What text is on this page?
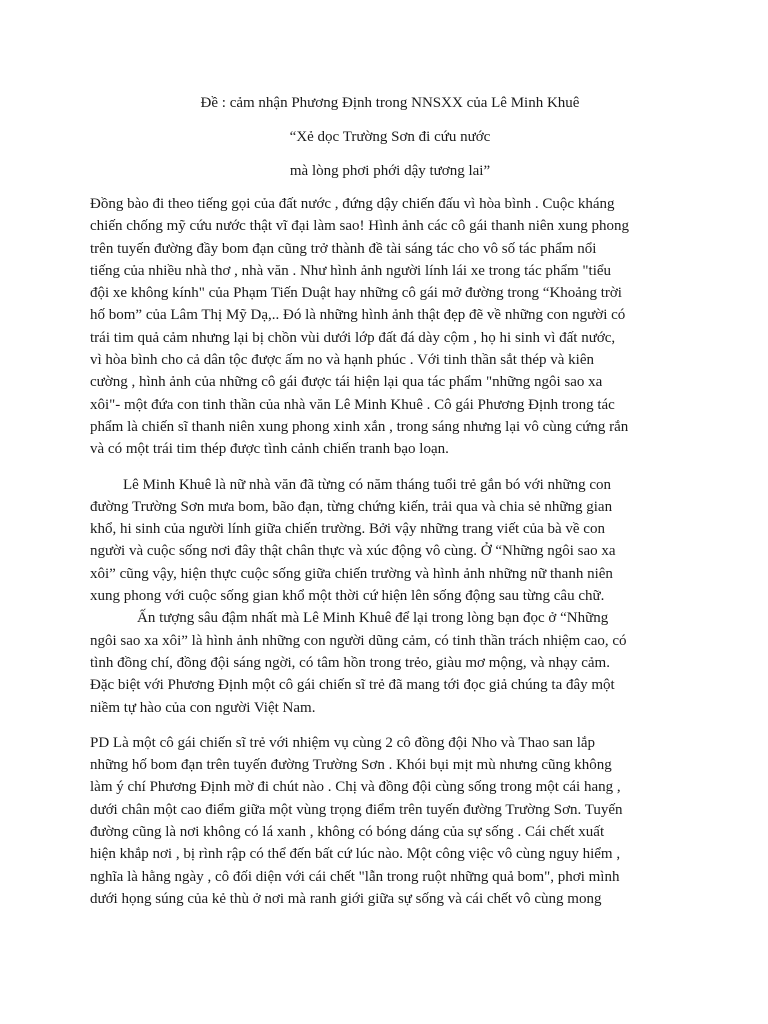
Đề : cảm nhận Phương Định trong NNSXX của Lê Minh Khuê

“Xẻ dọc Trường Sơn đi cứu nước

mà lòng phơi phới dậy tương lai”

Đồng bào đi theo tiếng gọi của đất nước , đứng dậy chiến đấu vì hòa bình . Cuộc kháng
chiến chống mỹ cứu nước thật vĩ đại làm sao! Hình ảnh các cô gái thanh niên xung phong
trên tuyến đường đầy bom đạn cũng trở thành đề tài sáng tác cho vô số tác phẩm nổi
tiếng của nhiều nhà thơ , nhà văn . Như hình ảnh người lính lái xe trong tác phẩm "tiểu
đội xe không kính" của Phạm Tiến Duật hay những cô gái mở đường trong “Khoảng trời
hố bom” của Lâm Thị Mỹ Dạ,.. Đó là những hình ảnh thật đẹp đẽ về những con người có
trái tim quả cảm nhưng lại bị chồn vùi dưới lớp đất đá dày cộm , họ hi sinh vì đất nước,
vì hòa bình cho cả dân tộc được ấm no và hạnh phúc . Với tinh thần sắt thép và kiên
cường , hình ảnh của những cô gái được tái hiện lại qua tác phẩm "những ngôi sao xa
xôi"- một đứa con tinh thần của nhà văn Lê Minh Khuê . Cô gái Phương Định trong tác
phẩm là chiến sĩ thanh niên xung phong xinh xắn , trong sáng nhưng lại vô cùng cứng rắn
và có một trái tim thép được tình cảnh chiến tranh bạo loạn.

Lê Minh Khuê là nữ nhà văn đã từng có năm tháng tuổi trẻ gắn bó với những con
đường Trường Sơn mưa bom, bão đạn, từng chứng kiến, trải qua và chia sẻ những gian
khổ, hi sinh của người lính giữa chiến trường. Bởi vậy những trang viết của bà về con
người và cuộc sống nơi đây thật chân thực và xúc động vô cùng. Ở “Những ngôi sao xa
xôi” cũng vậy, hiện thực cuộc sống giữa chiến trường và hình ảnh những nữ thanh niên
xung phong với cuộc sống gian khổ một thời cứ hiện lên sống động sau từng câu chữ.

Ấn tượng sâu đậm nhất mà Lê Minh Khuê để lại trong lòng bạn đọc ở “Những
ngôi sao xa xôi” là hình ảnh những con người dũng cảm, có tinh thần trách nhiệm cao, có
tình đồng chí, đồng đội sáng ngời, có tâm hồn trong trẻo, giàu mơ mộng, và nhạy cảm.
Đặc biệt với Phương Định một cô gái chiến sĩ trẻ đã mang tới đọc giả chúng ta đây một
niềm tự hào của con người Việt Nam.

PD Là một cô gái chiến sĩ trẻ với nhiệm vụ cùng 2 cô đồng đội Nho và Thao san lắp
những hố bom đạn trên tuyến đường Trường Sơn . Khói bụi mịt mù nhưng cũng không
làm ý chí Phương Định mờ đi chút nào . Chị và đồng đội cùng sống trong một cái hang ,
dưới chân một cao điểm giữa một vùng trọng điểm trên tuyến đường Trường Sơn. Tuyến
đường cũng là nơi không có lá xanh , không có bóng dáng của sự sống . Cái chết xuất
hiện khắp nơi , bị rình rập có thể đến bất cứ lúc nào. Một công việc vô cùng nguy hiểm ,
nghĩa là hằng ngày , cô đối diện với cái chết "lẫn trong ruột những quả bom", phơi mình
dưới họng súng của kẻ thù ở nơi mà ranh giới giữa sự sống và cái chết vô cùng mong
